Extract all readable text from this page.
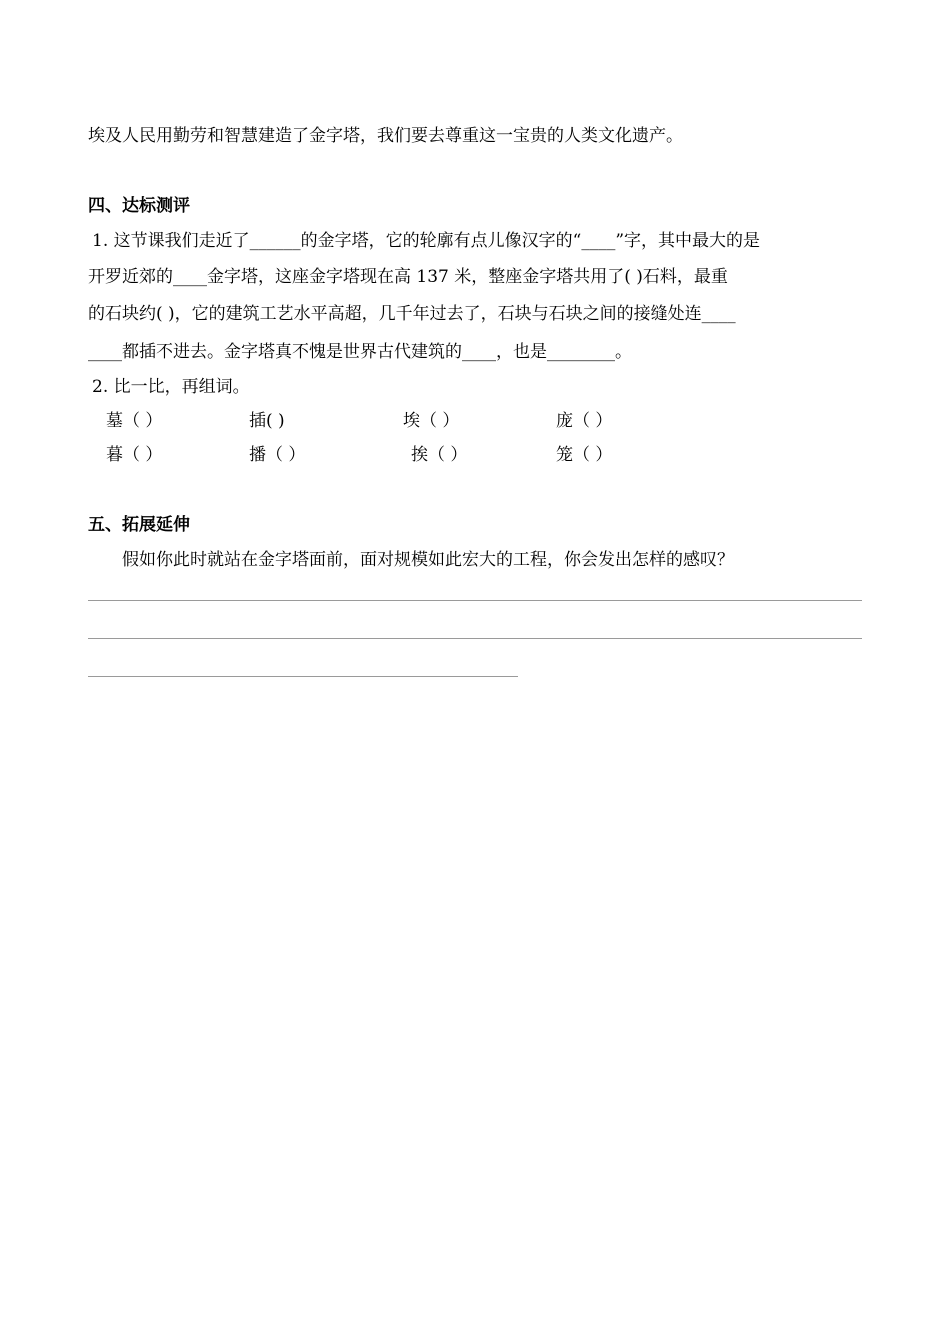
埃及人民用勤劳和智慧建造了金字塔，我们要去尊重这一宝贵的人类文化遗产。
四、达标测评
1. 这节课我们走近了______的金字塔，它的轮廓有点儿像汉字的“____”字，其中最大的是
开罗近郊的____金字塔，这座金字塔现在高 137 米，整座金字塔共用了( )石料，最重
的石块约( )，它的建筑工艺水平高超，几千年过去了，石块与石块之间的接缝处连____
____都插不进去。金字塔真不愧是世界古代建筑的____，也是________。
2. 比一比，再组词。
墓（ ）	插( )	埃（ ）	庞（ ）
暮（ ）	播（ ）	挨（ ）	笼（ ）
五、拓展延伸
假如你此时就站在金字塔面前，面对规模如此宏大的工程，你会发出怎样的感叹？
